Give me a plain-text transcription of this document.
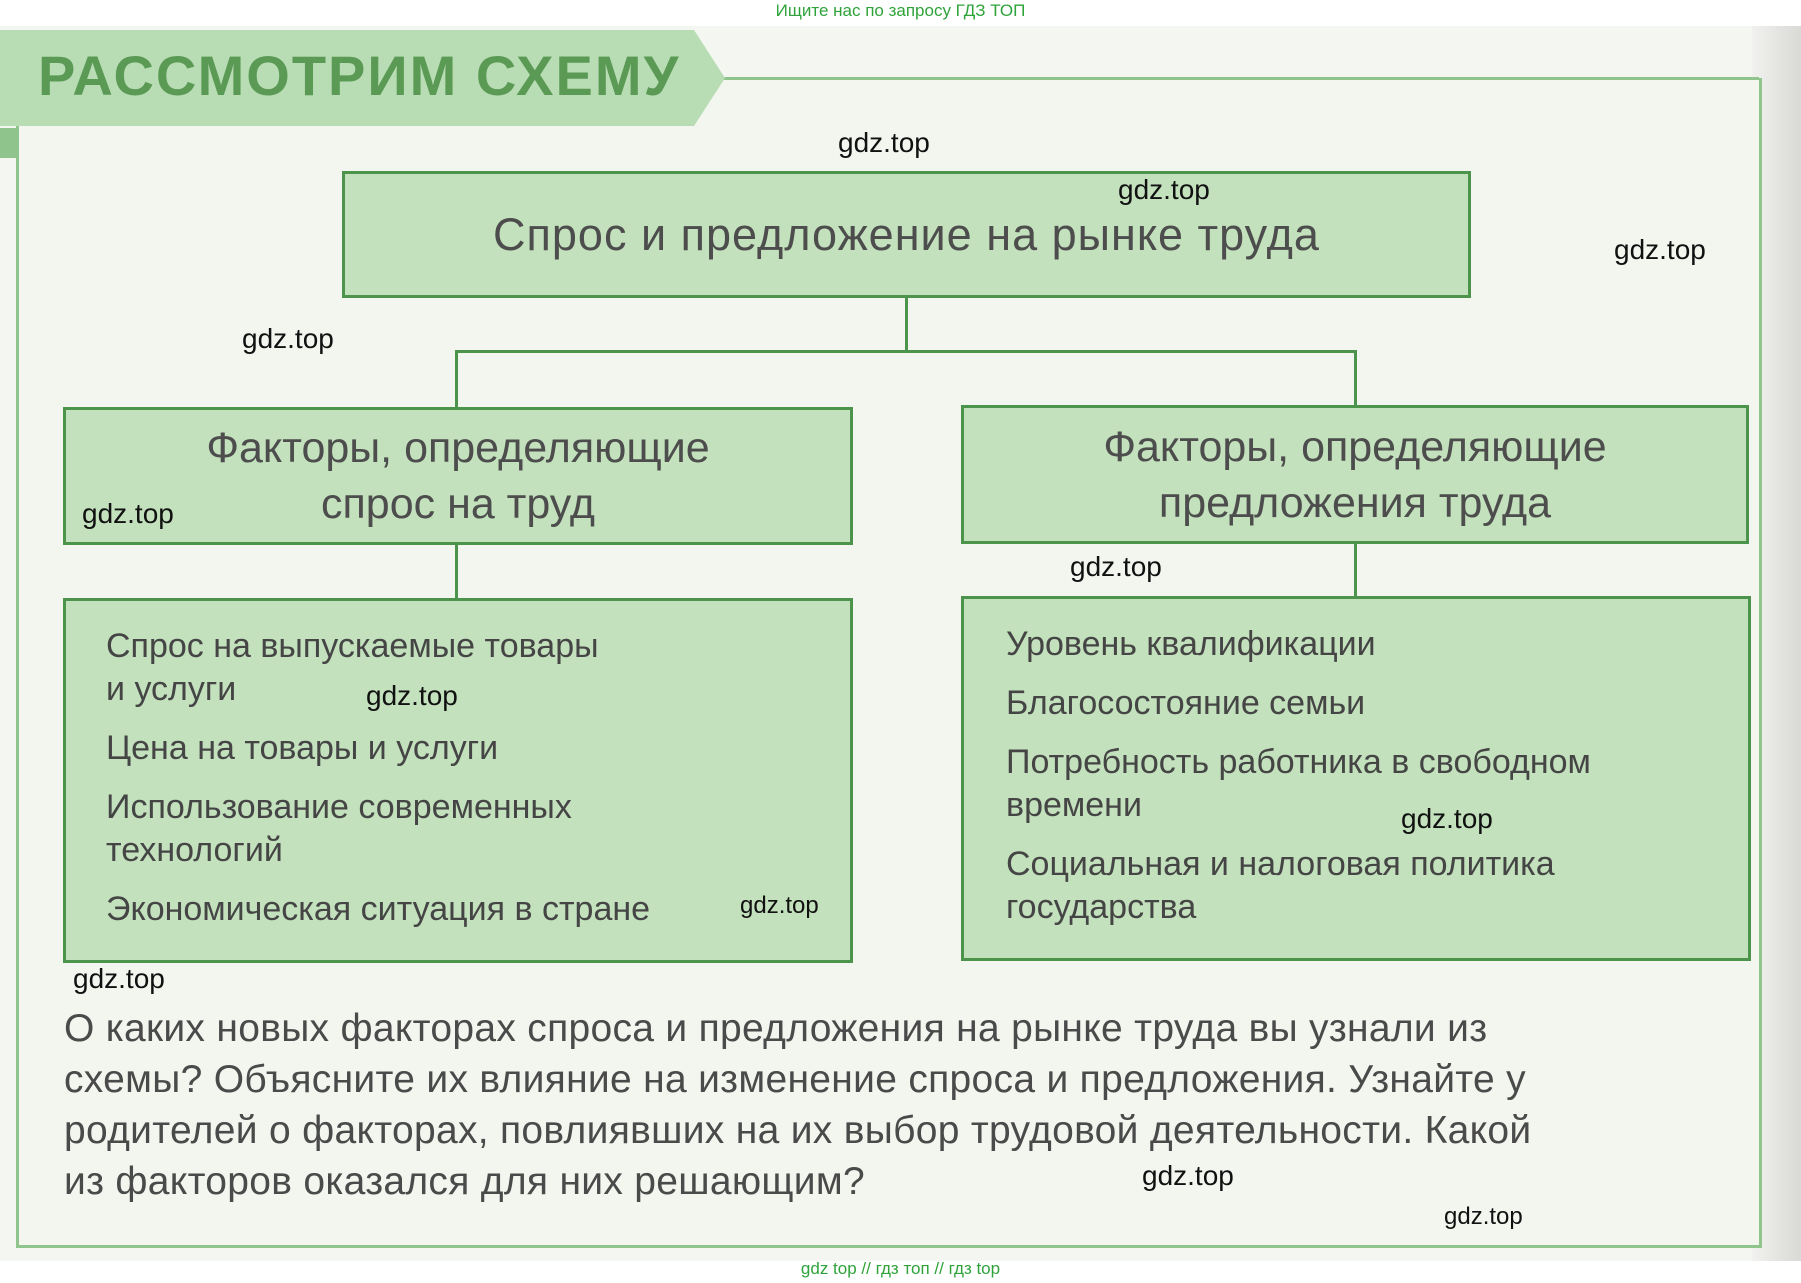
Ищите нас по запросу ГДЗ ТОП
РАССМОТРИМ СХЕМУ
Спрос и предложение на рынке труда
Факторы, определяющие
спрос на труд
Факторы, определяющие
предложения труда
Спрос на выпускаемые товары
и услуги
Цена на товары и услуги
Использование современных
технологий
Экономическая ситуация в стране
Уровень квалификации
Благосостояние семьи
Потребность работника в свободном
времени
Социальная и налоговая политика
государства
О каких новых факторах спроса и предложения на рынке труда вы узнали из
схемы? Объясните их влияние на изменение спроса и предложения. Узнайте у
родителей о факторах, повлиявших на их выбор трудовой деятельности. Какой
из факторов оказался для них решающим?
gdz.top
gdz.top
gdz.top
gdz.top
gdz.top
gdz.top
gdz.top
gdz.top
gdz.top
gdz.top
gdz.top
gdz.top
gdz top // гдз топ // гдз top
